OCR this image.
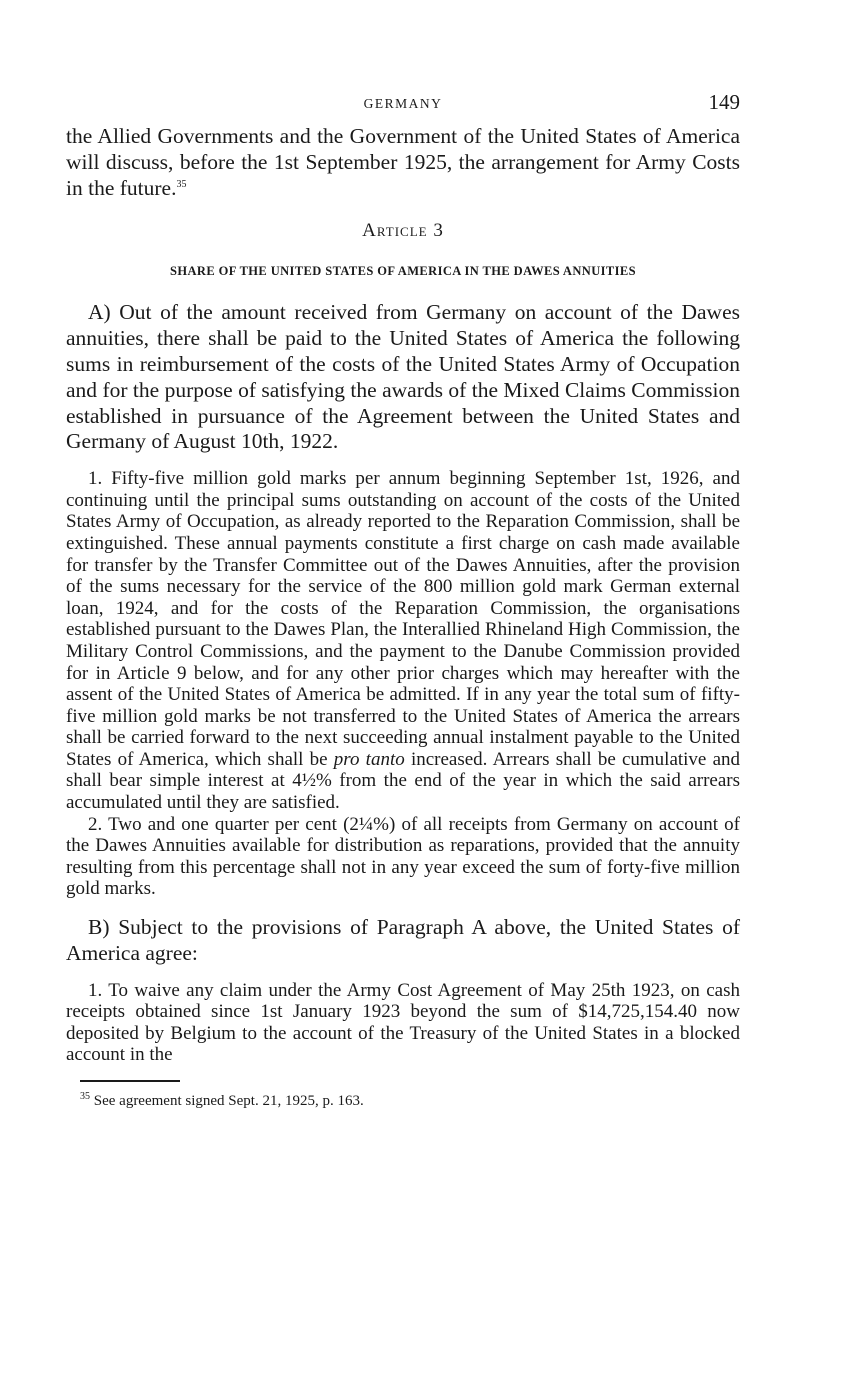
GERMANY	149

the Allied Governments and the Government of the United States of America will discuss, before the 1st September 1925, the arrangement for Army Costs in the future.$^{35}$

Article 3
SHARE OF THE UNITED STATES OF AMERICA IN THE DAWES ANNUITIES

A) Out of the amount received from Germany on account of the Dawes annuities, there shall be paid to the United States of America the following sums in reimbursement of the costs of the United States Army of Occupation and for the purpose of satisfying the awards of the Mixed Claims Commission established in pursuance of the Agreement between the United States and Germany of August 10th, 1922.

1. Fifty-five million gold marks per annum beginning September 1st, 1926, and continuing until the principal sums outstanding on account of the costs of the United States Army of Occupation, as already reported to the Reparation Commission, shall be extinguished. These annual payments constitute a first charge on cash made available for transfer by the Transfer Committee out of the Dawes Annuities, after the provision of the sums necessary for the service of the 800 million gold mark German external loan, 1924, and for the costs of the Reparation Commission, the organisations established pursuant to the Dawes Plan, the Interallied Rhineland High Commission, the Military Control Commissions, and the payment to the Danube Commission provided for in Article 9 below, and for any other prior charges which may hereafter with the assent of the United States of America be admitted. If in any year the total sum of fifty-five million gold marks be not transferred to the United States of America the arrears shall be carried forward to the next succeeding annual instalment payable to the United States of America, which shall be pro tanto increased. Arrears shall be cumulative and shall bear simple interest at 4½% from the end of the year in which the said arrears accumulated until they are satisfied.

2. Two and one quarter per cent (2¼%) of all receipts from Germany on account of the Dawes Annuities available for distribution as reparations, provided that the annuity resulting from this percentage shall not in any year exceed the sum of forty-five million gold marks.

B) Subject to the provisions of Paragraph A above, the United States of America agree:

1. To waive any claim under the Army Cost Agreement of May 25th 1923, on cash receipts obtained since 1st January 1923 beyond the sum of $14,725,154.40 now deposited by Belgium to the account of the Treasury of the United States in a blocked account in the

$^{35}$ See agreement signed Sept. 21, 1925, p. 163.
